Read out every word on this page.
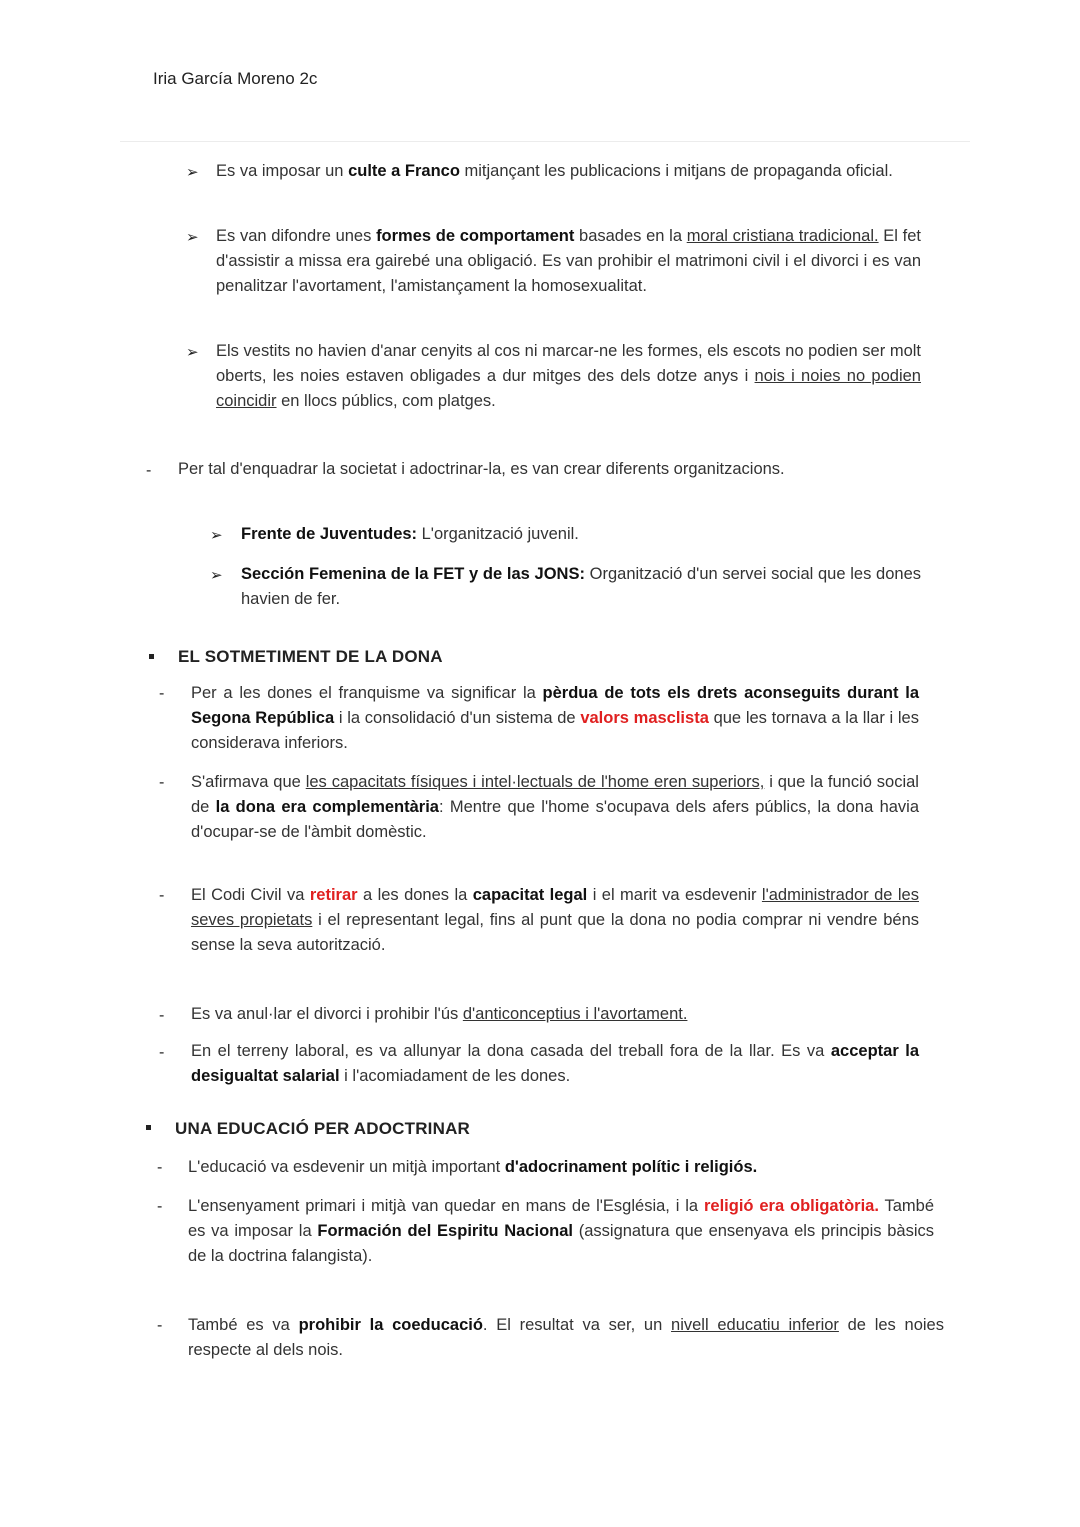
Iria García Moreno 2c
➢ Es va imposar un culte a Franco mitjançant les publicacions i mitjans de propaganda oficial.
➢ Es van difondre unes formes de comportament basades en la moral cristiana tradicional. El fet d'assistir a missa era gairebé una obligació. Es van prohibir el matrimoni civil i el divorci i es van penalitzar l'avortament, l'amistançament la homosexualitat.
➢ Els vestits no havien d'anar cenyits al cos ni marcar-ne les formes, els escots no podien ser molt oberts, les noies estaven obligades a dur mitges des dels dotze anys i nois i noies no podien coincidir en llocs públics, com platges.
- Per tal d'enquadrar la societat i adoctrinar-la, es van crear diferents organitzacions.
➢ Frente de Juventudes: L'organització juvenil.
➢ Sección Femenina de la FET y de las JONS: Organització d'un servei social que les dones havien de fer.
EL SOTMETIMENT DE LA DONA
- Per a les dones el franquisme va significar la pèrdua de tots els drets aconseguits durant la Segona República i la consolidació d'un sistema de valors masclista que les tornava a la llar i les considerava inferiors.
- S'afirmava que les capacitats físiques i intel·lectuals de l'home eren superiors, i que la funció social de la dona era complementària: Mentre que l'home s'ocupava dels afers públics, la dona havia d'ocupar-se de l'àmbit domèstic.
- El Codi Civil va retirar a les dones la capacitat legal i el marit va esdevenir l'administrador de les seves propietats i el representant legal, fins al punt que la dona no podia comprar ni vendre béns sense la seva autorització.
- Es va anul·lar el divorci i prohibir l'ús d'anticonceptius i l'avortament.
- En el terreny laboral, es va allunyar la dona casada del treball fora de la llar. Es va acceptar la desigualtat salarial i l'acomiadament de les dones.
UNA EDUCACIÓ PER ADOCTRINAR
- L'educació va esdevenir un mitjà important d'adocrinament polític i religiós.
- L'ensenyament primari i mitjà van quedar en mans de l'Església, i la religió era obligatòria. També es va imposar la Formación del Espiritu Nacional (assignatura que ensenyava els principis bàsics de la doctrina falangista).
- També es va prohibir la coeducació. El resultat va ser, un nivell educatiu inferior de les noies respecte al dels nois.
